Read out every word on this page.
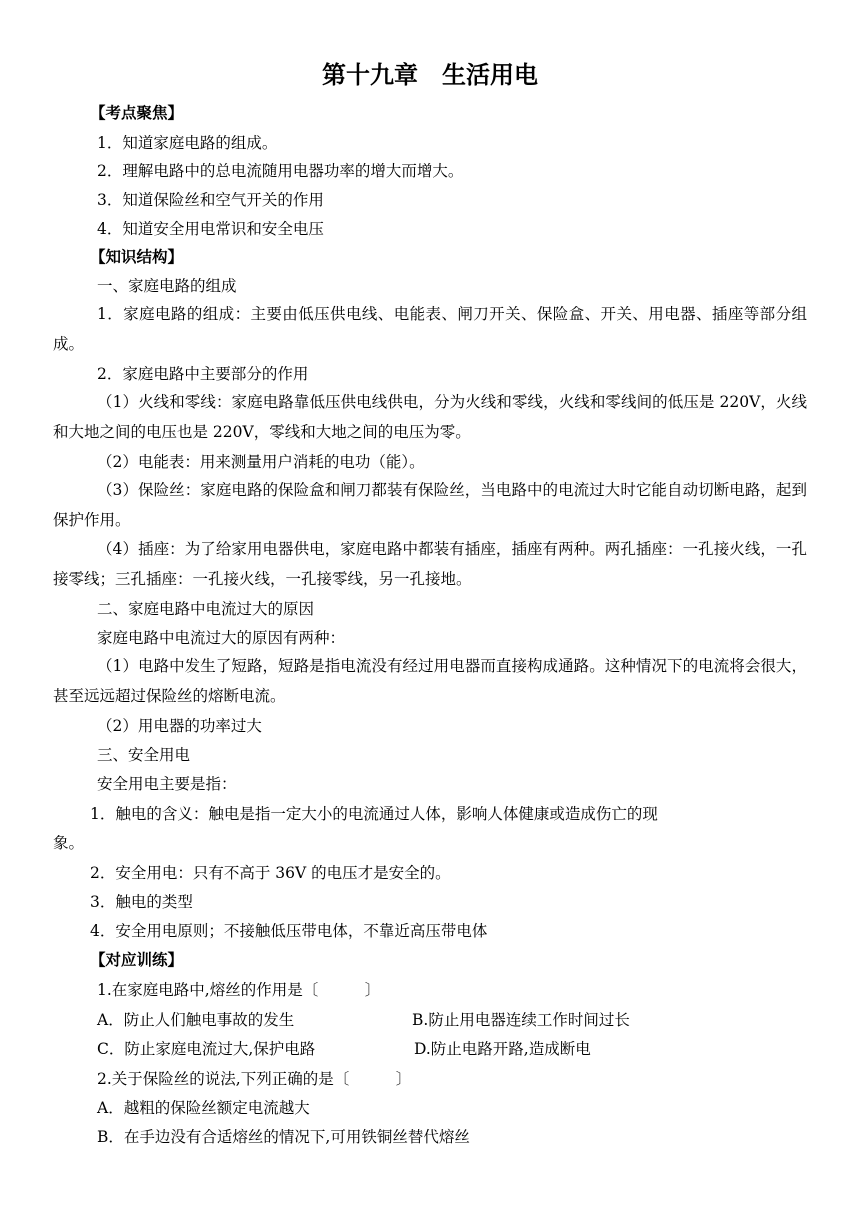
第十九章　生活用电
【考点聚焦】
1．知道家庭电路的组成。
2．理解电路中的总电流随用电器功率的增大而增大。
3．知道保险丝和空气开关的作用
4．知道安全用电常识和安全电压
【知识结构】
一、家庭电路的组成
1．家庭电路的组成：主要由低压供电线、电能表、闸刀开关、保险盒、开关、用电器、插座等部分组成。
2．家庭电路中主要部分的作用
（1）火线和零线：家庭电路靠低压供电线供电，分为火线和零线，火线和零线间的低压是 220V，火线和大地之间的电压也是 220V，零线和大地之间的电压为零。
（2）电能表：用来测量用户消耗的电功（能）。
（3）保险丝：家庭电路的保险盒和闸刀都装有保险丝，当电路中的电流过大时它能自动切断电路，起到保护作用。
（4）插座：为了给家用电器供电，家庭电路中都装有插座，插座有两种。两孔插座：一孔接火线，一孔接零线；三孔插座：一孔接火线，一孔接零线，另一孔接地。
二、家庭电路中电流过大的原因
家庭电路中电流过大的原因有两种：
（1）电路中发生了短路，短路是指电流没有经过用电器而直接构成通路。这种情况下的电流将会很大，甚至远远超过保险丝的熔断电流。
（2）用电器的功率过大
三、安全用电
安全用电主要是指：
1．触电的含义：触电是指一定大小的电流通过人体，影响人体健康或造成伤亡的现
象。
2．安全用电：只有不高于 36V 的电压才是安全的。
3．触电的类型
4．安全用电原则；不接触低压带电体，不靠近高压带电体
【对应训练】
1.在家庭电路中,熔丝的作用是〔　　　〕
A．防止人们触电事故的发生	B.防止用电器连续工作时间过长
C．防止家庭电流过大,保护电路	D.防止电路开路,造成断电
2.关于保险丝的说法,下列正确的是〔　　　〕
A．越粗的保险丝额定电流越大
B．在手边没有合适熔丝的情况下,可用铁铜丝替代熔丝
